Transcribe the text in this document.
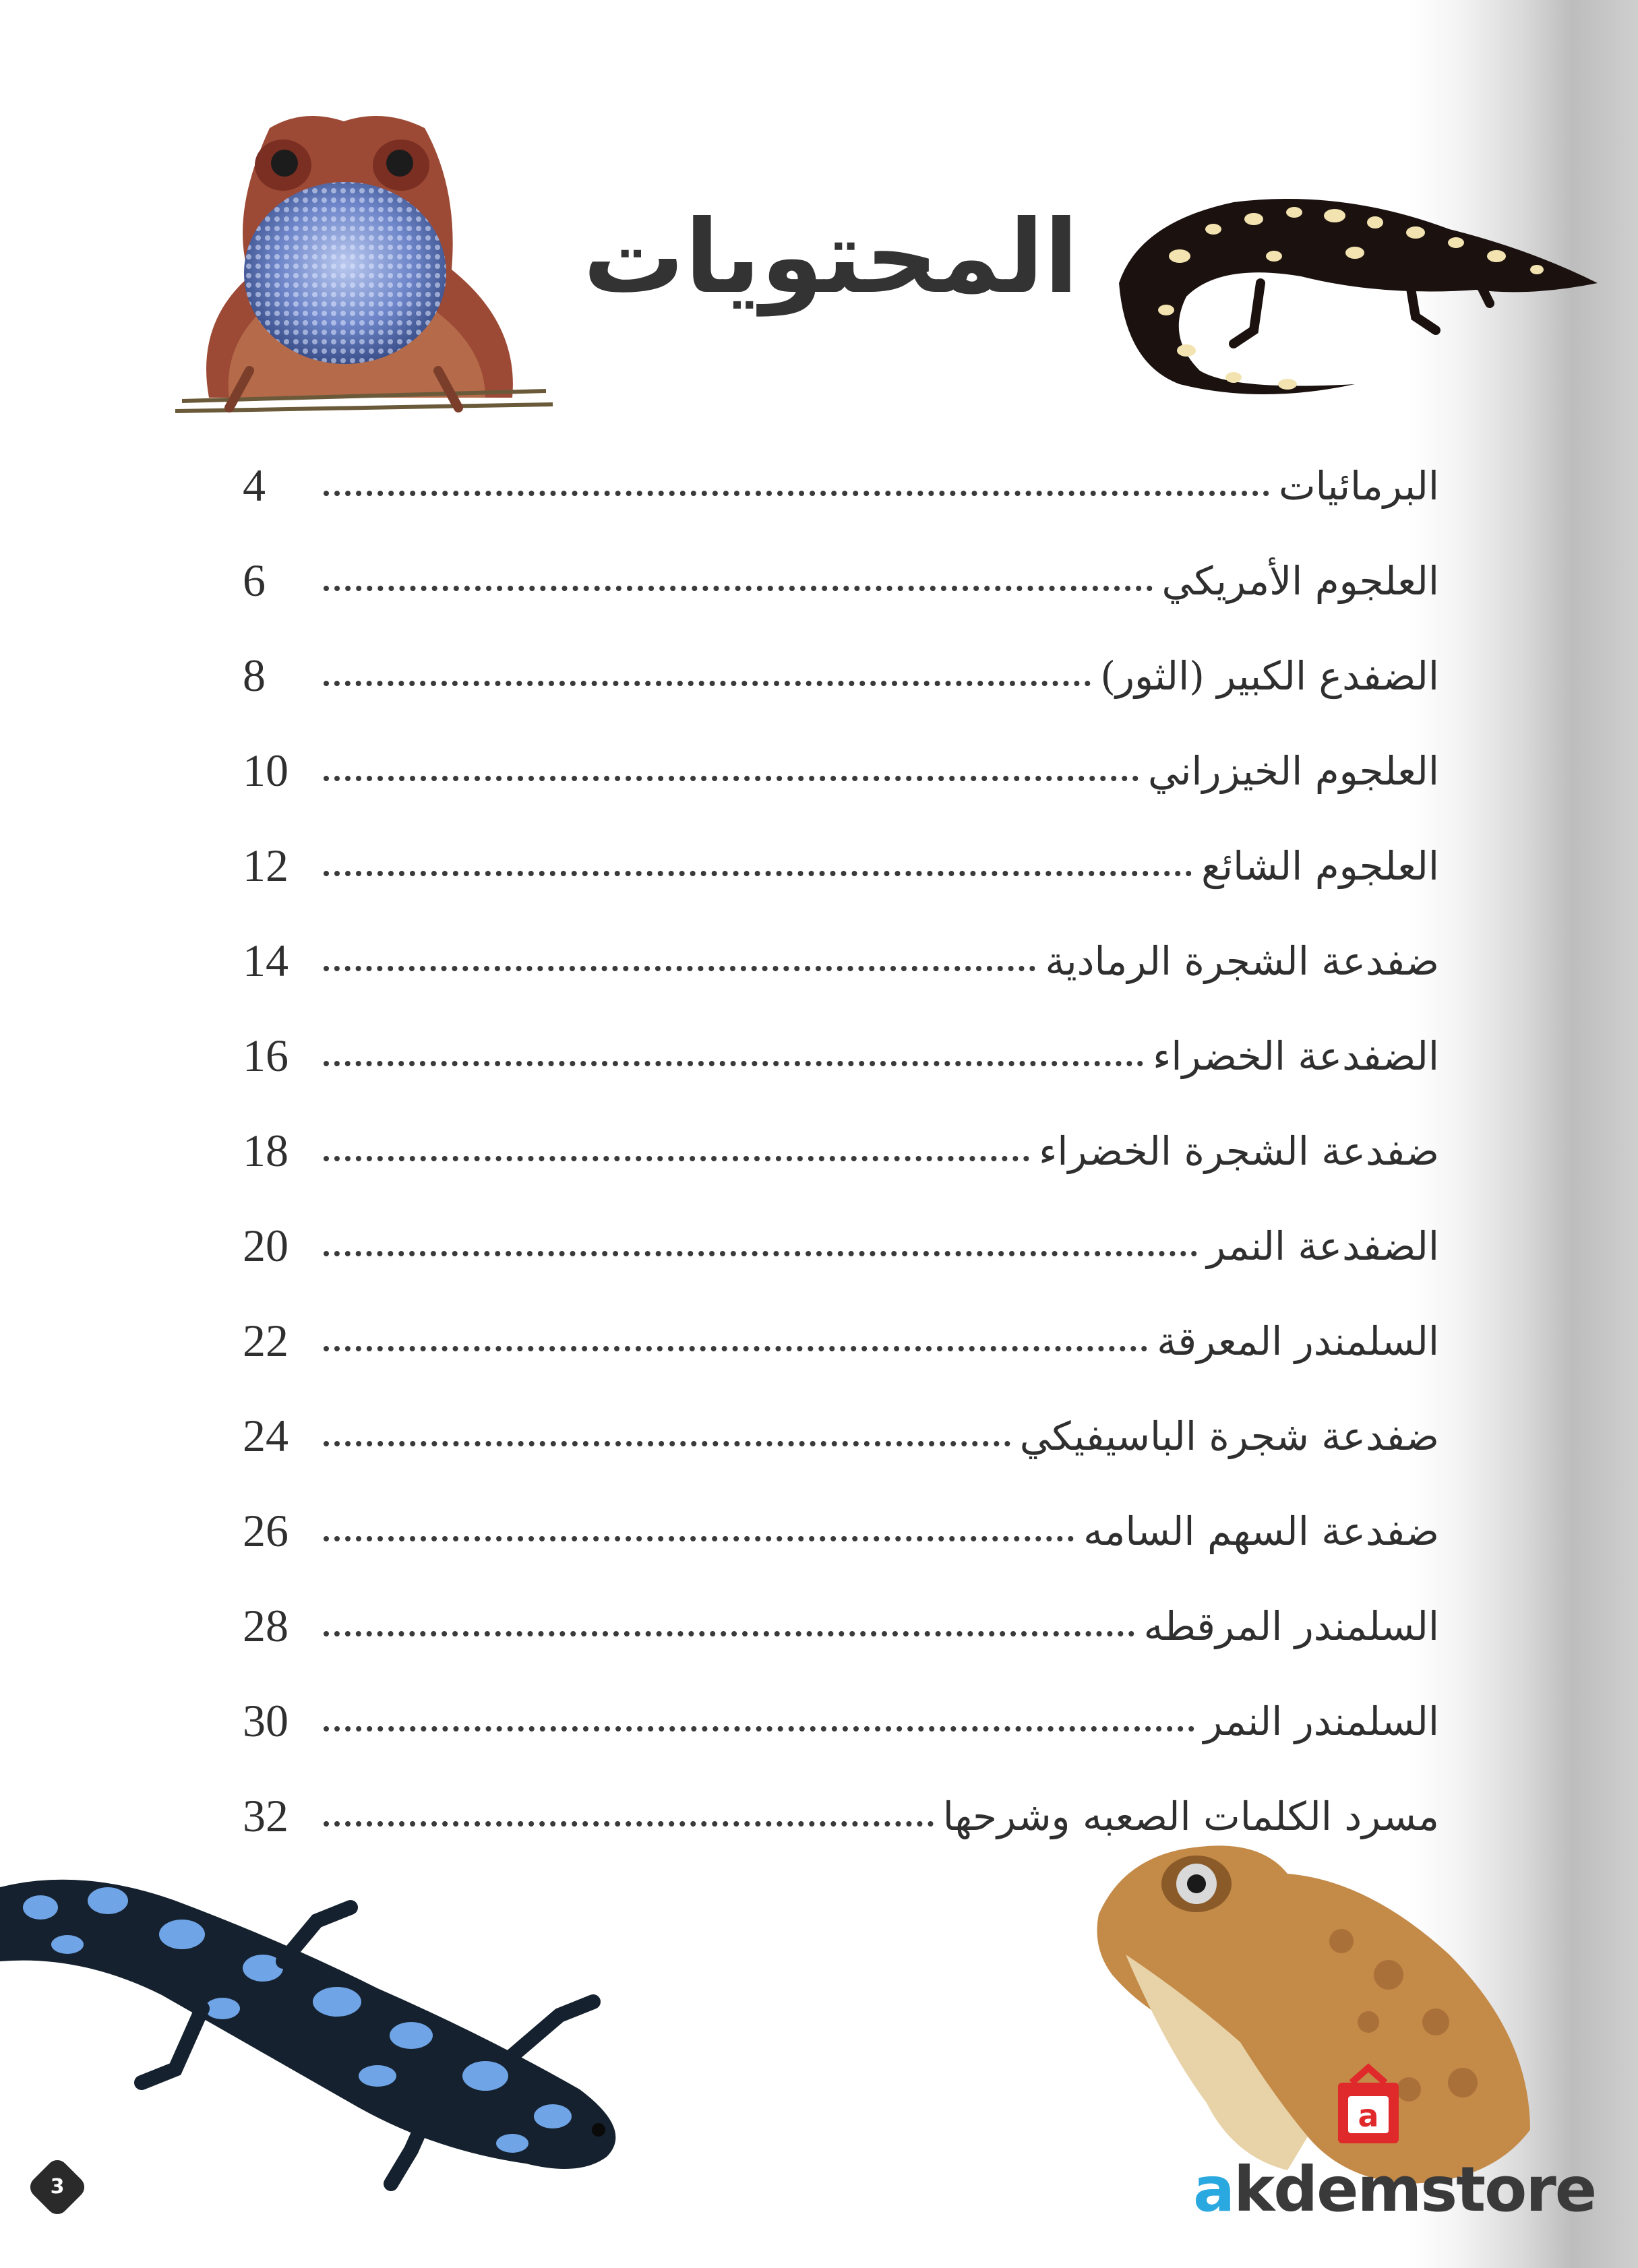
المحتويات
البرمائيات
4
العلجوم الأمريكي
6
الضفدع الكبير (الثور)
8
العلجوم الخيزراني
10
العلجوم الشائع
12
ضفدعة الشجرة الرمادية
14
الضفدعة الخضراء
16
ضفدعة الشجرة الخضراء
18
الضفدعة النمر
20
السلمندر المعرقة
22
ضفدعة شجرة الباسيفيكي
24
ضفدعة السهم السامه
26
السلمندر المرقطه
28
السلمندر النمر
30
مسرد الكلمات الصعبه وشرحها
32
a
akdemstore
3
